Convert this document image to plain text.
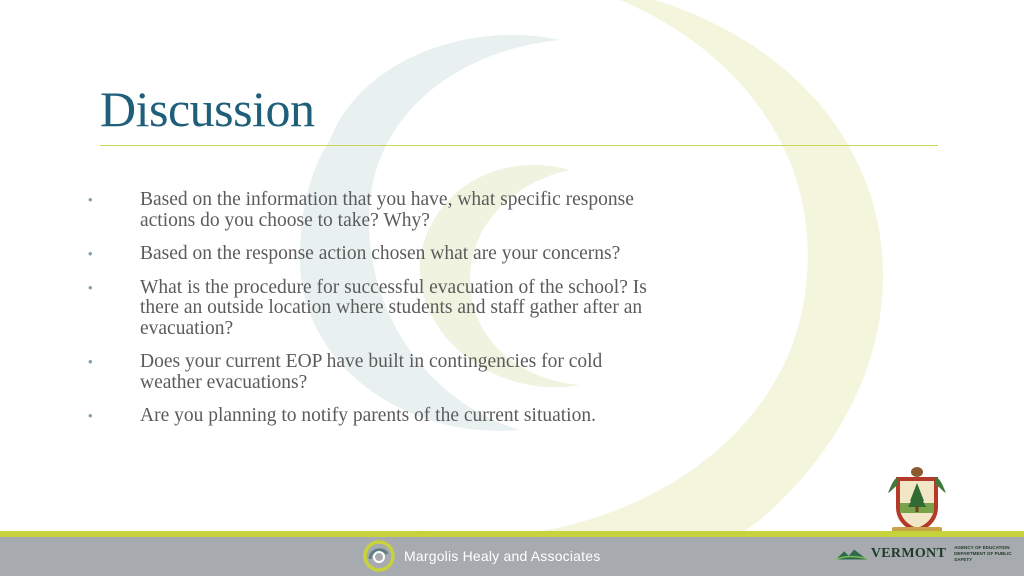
Discussion
• Based on the information that you have, what specific response actions do you choose to take? Why?
• Based on the response action chosen what are your concerns?
• What is the procedure for successful evacuation of the school? Is there an outside location where students and staff gather after an evacuation?
• Does your current EOP have built in contingencies for cold weather evacuations?
• Are you planning to notify parents of the current situation.
Margolis Healy and Associates	VERMONT AGENCY OF EDUCATION
DEPARTMENT OF PUBLIC SAFETY
